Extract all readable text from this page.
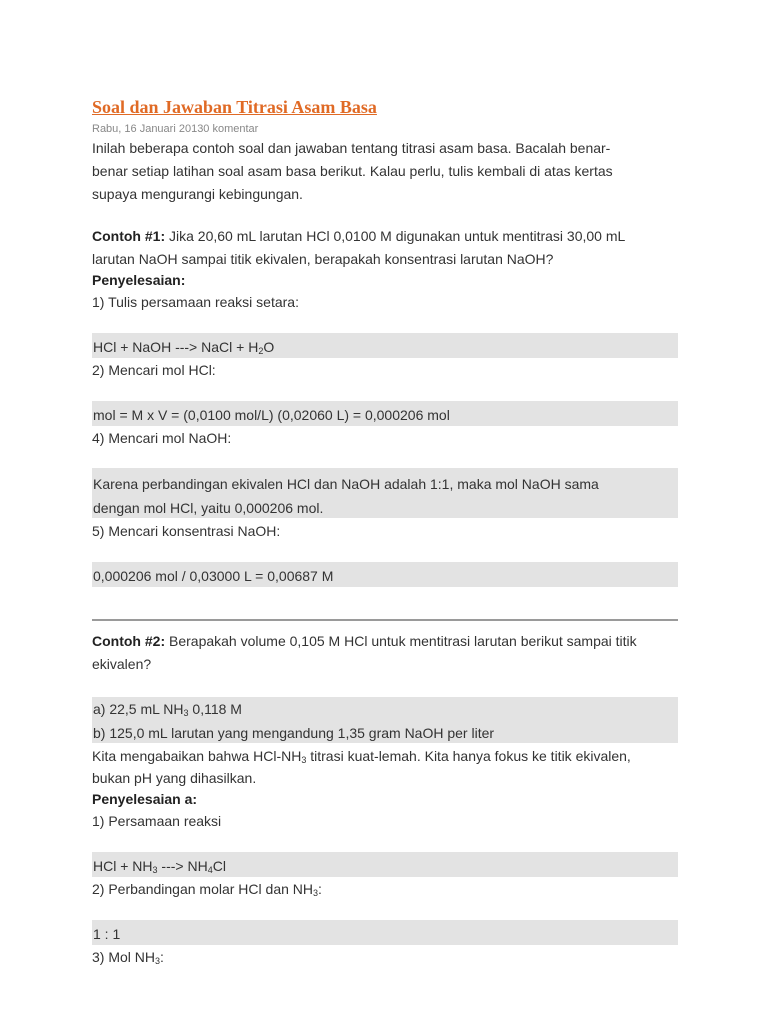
Soal dan Jawaban Titrasi Asam Basa
Rabu, 16 Januari 20130 komentar
Inilah beberapa contoh soal dan jawaban tentang titrasi asam basa. Bacalah benar-
benar setiap latihan soal asam basa berikut. Kalau perlu, tulis kembali di atas kertas
supaya mengurangi kebingungan.
Contoh #1: Jika 20,60 mL larutan HCl 0,0100 M digunakan untuk mentitrasi 30,00 mL
larutan NaOH sampai titik ekivalen, berapakah konsentrasi larutan NaOH?
Penyelesaian:
1) Tulis persamaan reaksi setara:
HCl + NaOH ---> NaCl + $H_2O$
2) Mencari mol HCl:
mol = M x V = (0,0100 mol/L) (0,02060 L) = 0,000206 mol
4) Mencari mol NaOH:
Karena perbandingan ekivalen HCl dan NaOH adalah 1:1, maka mol NaOH sama
dengan mol HCl, yaitu 0,000206 mol.
5) Mencari konsentrasi NaOH:
0,000206 mol / 0,03000 L = 0,00687 M
Contoh #2: Berapakah volume 0,105 M HCl untuk mentitrasi larutan berikut sampai titik
ekivalen?
a) 22,5 mL $NH_3$ 0,118 M
b) 125,0 mL larutan yang mengandung 1,35 gram NaOH per liter
Kita mengabaikan bahwa HCl-$NH_3$ titrasi kuat-lemah. Kita hanya fokus ke titik ekivalen,
bukan pH yang dihasilkan.
Penyelesaian a:
1) Persamaan reaksi
HCl + $NH_3$ ---> $NH_4Cl$
2) Perbandingan molar HCl dan $NH_3$:
1 : 1
3) Mol $NH_3$:
